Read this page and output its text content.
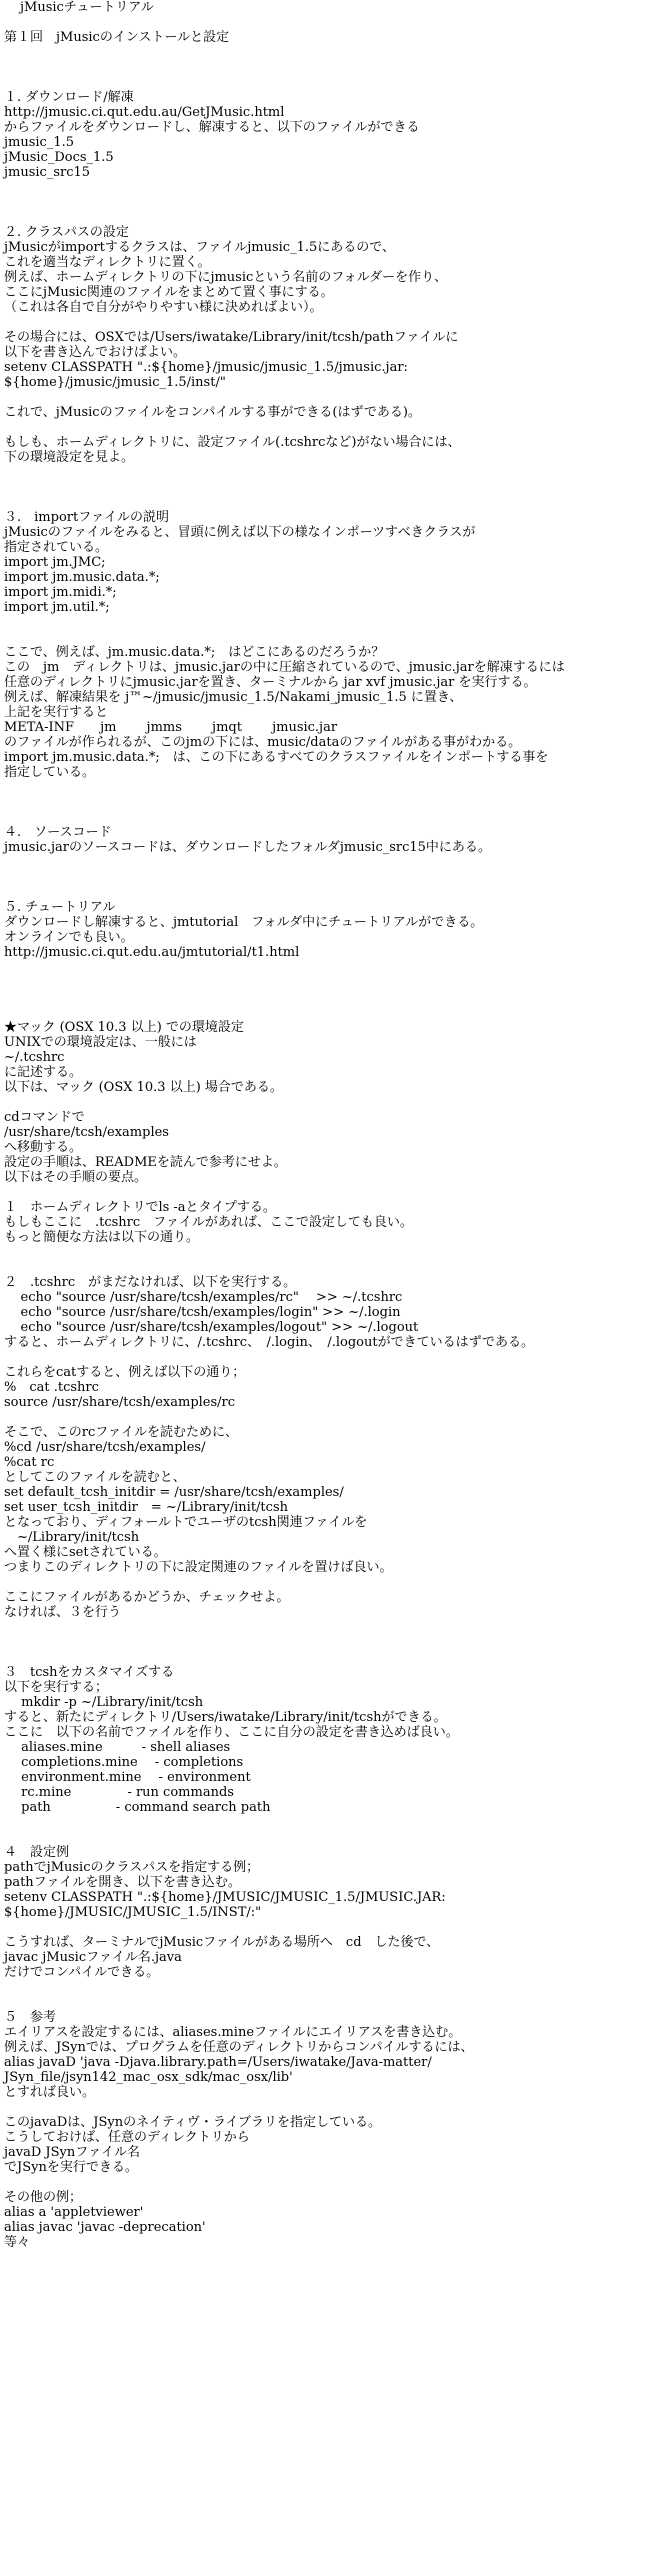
jMusicチュートリアル
第１回　jMusicのインストールと設定
１. ダウンロード/解凍
http://jmusic.ci.qut.edu.au/GetJMusic.html
からファイルをダウンロードし、解凍すると、以下のファイルができる
jmusic_1.5
jMusic_Docs_1.5
jmusic_src15
２. クラスパスの設定
jMusicがimportするクラスは、ファイルjmusic_1.5にあるので、
これを適当なディレクトリに置く。
例えば、ホームディレクトリの下にjmusicという名前のフォルダーを作り、
ここにjMusic関連のファイルをまとめて置く事にする。
（これは各自で自分がやりやすい様に決めればよい）。
その場合には、OSXでは/Users/iwatake/Library/init/tcsh/pathファイルに
以下を書き込んでおけばよい。
setenv CLASSPATH ".:${home}/jmusic/jmusic_1.5/jmusic.jar:
${home}/jmusic/jmusic_1.5/inst/"
これで、jMusicのファイルをコンパイルする事ができる(はずである)。
もしも、ホームディレクトリに、設定ファイル(.tcshrcなど)がない場合には、
下の環境設定を見よ。
３.　importファイルの説明
jMusicのファイルをみると、冒頭に例えば以下の様なインポーツすべきクラスが
指定されている。
import jm.JMC;
import jm.music.data.*;
import jm.midi.*;
import jm.util.*;
ここで、例えば、jm.music.data.*;　はどこにあるのだろうか？
この　jm　ディレクトリは、jmusic.jarの中に圧縮されているので、jmusic.jarを解凍するには
任意のディレクトリにjmusic.jarを置き、ターミナルから jar xvf jmusic.jar を実行する。
例えば、解凍結果を j™~/jmusic/jmusic_1.5/Nakami_jmusic_1.5 に置き、
上記を実行すると
META-INF　　jm　　 jmms　　 jmqt　　 jmusic.jar
のファイルが作られるが、このjmの下には、music/dataのファイルがある事がわかる。
import jm.music.data.*;　は、この下にあるすべてのクラスファイルをインポートする事を
指定している。
４.　ソースコード
jmusic.jarのソースコードは、ダウンロードしたフォルダjmusic_src15中にある。
５. チュートリアル
ダウンロードし解凍すると、jmtutorial　フォルダ中にチュートリアルができる。
オンラインでも良い。
http://jmusic.ci.qut.edu.au/jmtutorial/t1.html
★マック (OSX 10.3 以上) での環境設定
UNIXでの環境設定は、一般には
~/.tcshrc
に記述する。
以下は、マック (OSX 10.3 以上) 場合である。
cdコマンドで
/usr/share/tcsh/examples
へ移動する。
設定の手順は、READMEを読んで参考にせよ。
以下はその手順の要点。
１　ホームディレクトリでls -aとタイプする。
もしもここに　.tcshrc　ファイルがあれば、ここで設定しても良い。
もっと簡便な方法は以下の通り。
２　.tcshrc　がまだなければ、以下を実行する。
echo "source /usr/share/tcsh/examples/rc"　 >> ~/.tcshrc
echo "source /usr/share/tcsh/examples/login" >> ~/.login
echo "source /usr/share/tcsh/examples/logout" >> ~/.logout
すると、ホームディレクトリに、/.tcshrc、　/.login、　/.logoutができているはずである。
これらをcatすると、例えば以下の通り；
%　cat .tcshrc
source /usr/share/tcsh/examples/rc
そこで、このrcファイルを読むために、
%cd /usr/share/tcsh/examples/
%cat rc
としてこのファイルを読むと、
set default_tcsh_initdir = /usr/share/tcsh/examples/
set user_tcsh_initdir　= ~/Library/init/tcsh
となっており、ディフォールトでユーザのtcsh関連ファイルを
　~/Library/init/tcsh
へ置く様にsetされている。
つまりこのディレクトリの下に設定関連のファイルを置けば良い。
ここにファイルがあるかどうか、チェックせよ。
なければ、３を行う
３　tcshをカスタマイズする
以下を実行する；
　 mkdir -p ~/Library/init/tcsh
すると、新たにディレクトリ/Users/iwatake/Library/init/tcshができる。
ここに　以下の名前でファイルを作り、ここに自分の設定を書き込めば良い。
　 aliases.mine　　　- shell aliases
　 completions.mine　 - completions
　 environment.mine　 - environment
　 rc.mine　　　　 - run commands
　 path　　　　　- command search path
４　設定例
pathでjMusicのクラスパスを指定する例；
pathファイルを開き、以下を書き込む。
setenv CLASSPATH ".:${home}/JMUSIC/JMUSIC_1.5/JMUSIC.JAR:
${home}/JMUSIC/JMUSIC_1.5/INST/:"
こうすれば、ターミナルでjMusicファイルがある場所へ　cd　した後で、
javac jMusicファイル名.java
だけでコンパイルできる。
５　参考
エイリアスを設定するには、aliases.mineファイルにエイリアスを書き込む。
例えば、JSynでは、プログラムを任意のディレクトリからコンパイルするには、
alias javaD 'java -Djava.library.path=/Users/iwatake/Java-matter/
JSyn_file/jsyn142_mac_osx_sdk/mac_osx/lib'
とすれば良い。
このjavaDは、JSynのネイティヴ・ライブラリを指定している。
こうしておけば、任意のディレクトリから
javaD JSynファイル名
でJSynを実行できる。
その他の例；
alias a 'appletviewer'
alias javac 'javac -deprecation'
等々
